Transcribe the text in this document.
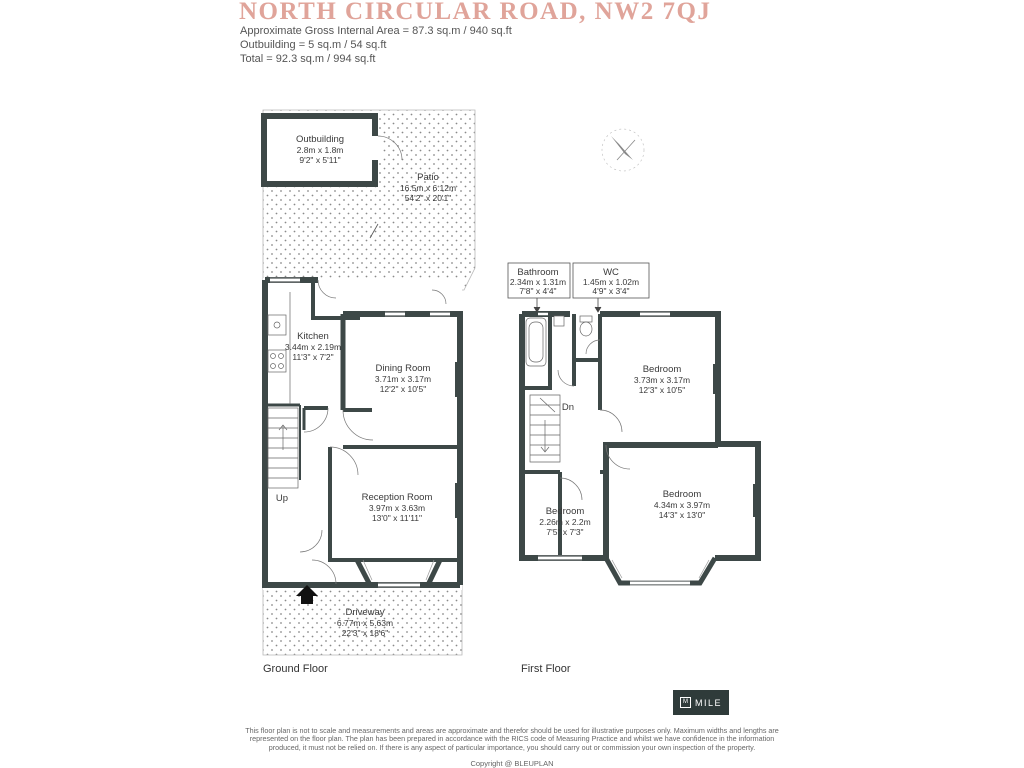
NORTH CIRCULAR ROAD, NW2 7QJ
Approximate Gross Internal Area = 87.3 sq.m / 940 sq.ft
Outbuilding = 5 sq.m / 54 sq.ft
Total = 92.3 sq.m / 994 sq.ft
Outbuilding
2.8m x 1.8m
9'2" x 5'11"
Patio
16.5m x 6.12m
54'2" x 20'1"
Kitchen
3.44m x 2.19m
11'3" x 7'2"
Dining Room
3.71m x 3.17m
12'2" x 10'5"
Reception Room
3.97m x 3.63m
13'0" x 11'11"
Driveway
6.77m x 5.63m
22'3" x 18'6"
Up
Bathroom
2.34m x 1.31m
7'8" x 4'4"
WC
1.45m x 1.02m
4'9" x 3'4"
Bedroom
3.73m x 3.17m
12'3" x 10'5"
Bedroom
4.34m x 3.97m
14'3" x 13'0"
Bedroom
2.26m x 2.2m
7'5" x 7'3"
Dn
Ground Floor	First Floor
M MILE
This floor plan is not to scale and measurements and areas are approximate and therefor should be used for illustrative purposes only. Maximum widths and lengths are represented on the floor plan. The plan has been prepared in accordance with the RICS code of Measuring Practice and whilst we have confidence in the information produced, it must not be relied on. If there is any aspect of particular importance, you should carry out or commission your own inspection of the property.
Copyright @ BLEUPLAN
